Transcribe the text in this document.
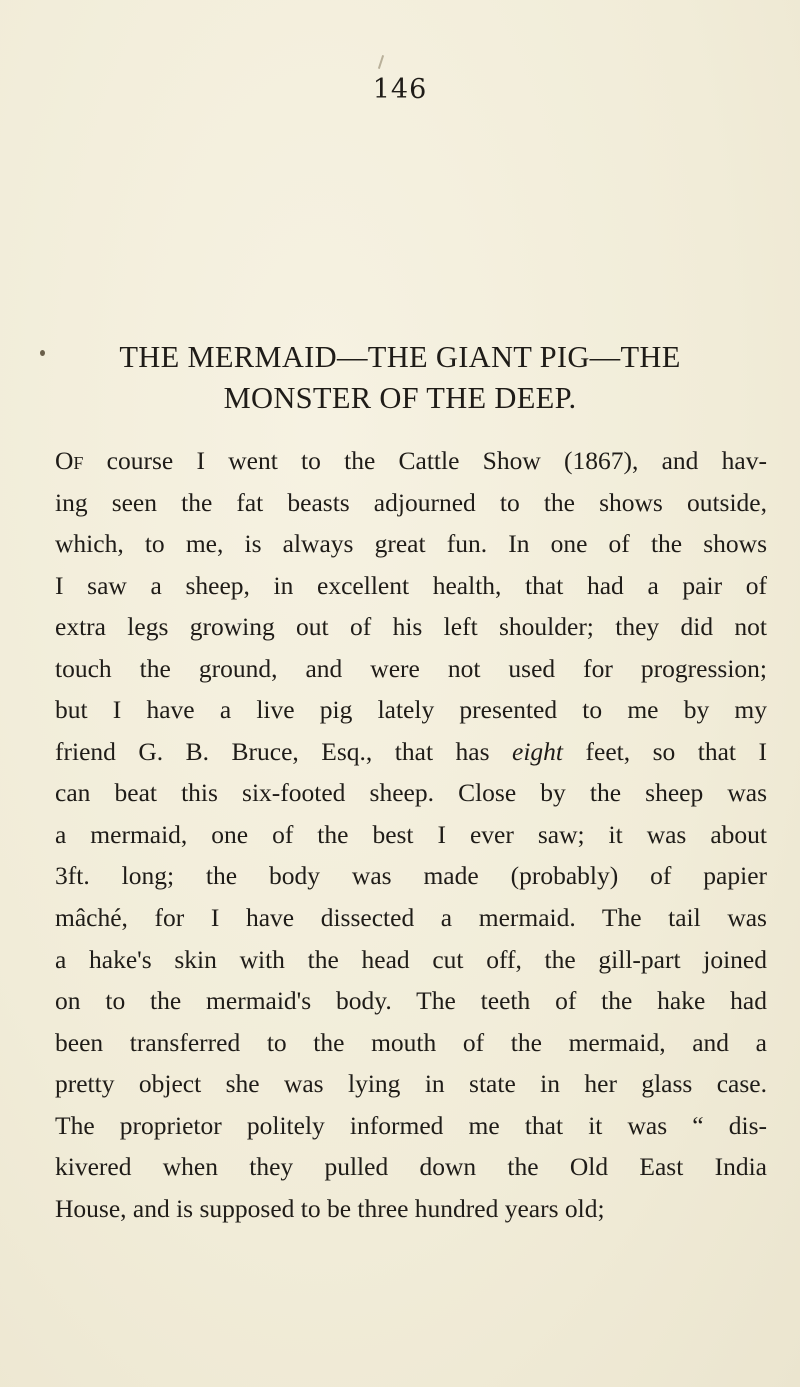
146
THE MERMAID—THE GIANT PIG—THE
MONSTER OF THE DEEP.
Of course I went to the Cattle Show (1867), and hav-
ing seen the fat beasts adjourned to the shows outside,
which, to me, is always great fun. In one of the shows
I saw a sheep, in excellent health, that had a pair of
extra legs growing out of his left shoulder; they did not
touch the ground, and were not used for progression;
but I have a live pig lately presented to me by my
friend G. B. Bruce, Esq., that has eight feet, so that I
can beat this six-footed sheep. Close by the sheep was
a mermaid, one of the best I ever saw; it was about
3ft. long; the body was made (probably) of papier
mâché, for I have dissected a mermaid. The tail was
a hake's skin with the head cut off, the gill-part joined
on to the mermaid's body. The teeth of the hake had
been transferred to the mouth of the mermaid, and a
pretty object she was lying in state in her glass case.
The proprietor politely informed me that it was “ dis-
kivered when they pulled down the Old East India
House, and is supposed to be three hundred years old;
